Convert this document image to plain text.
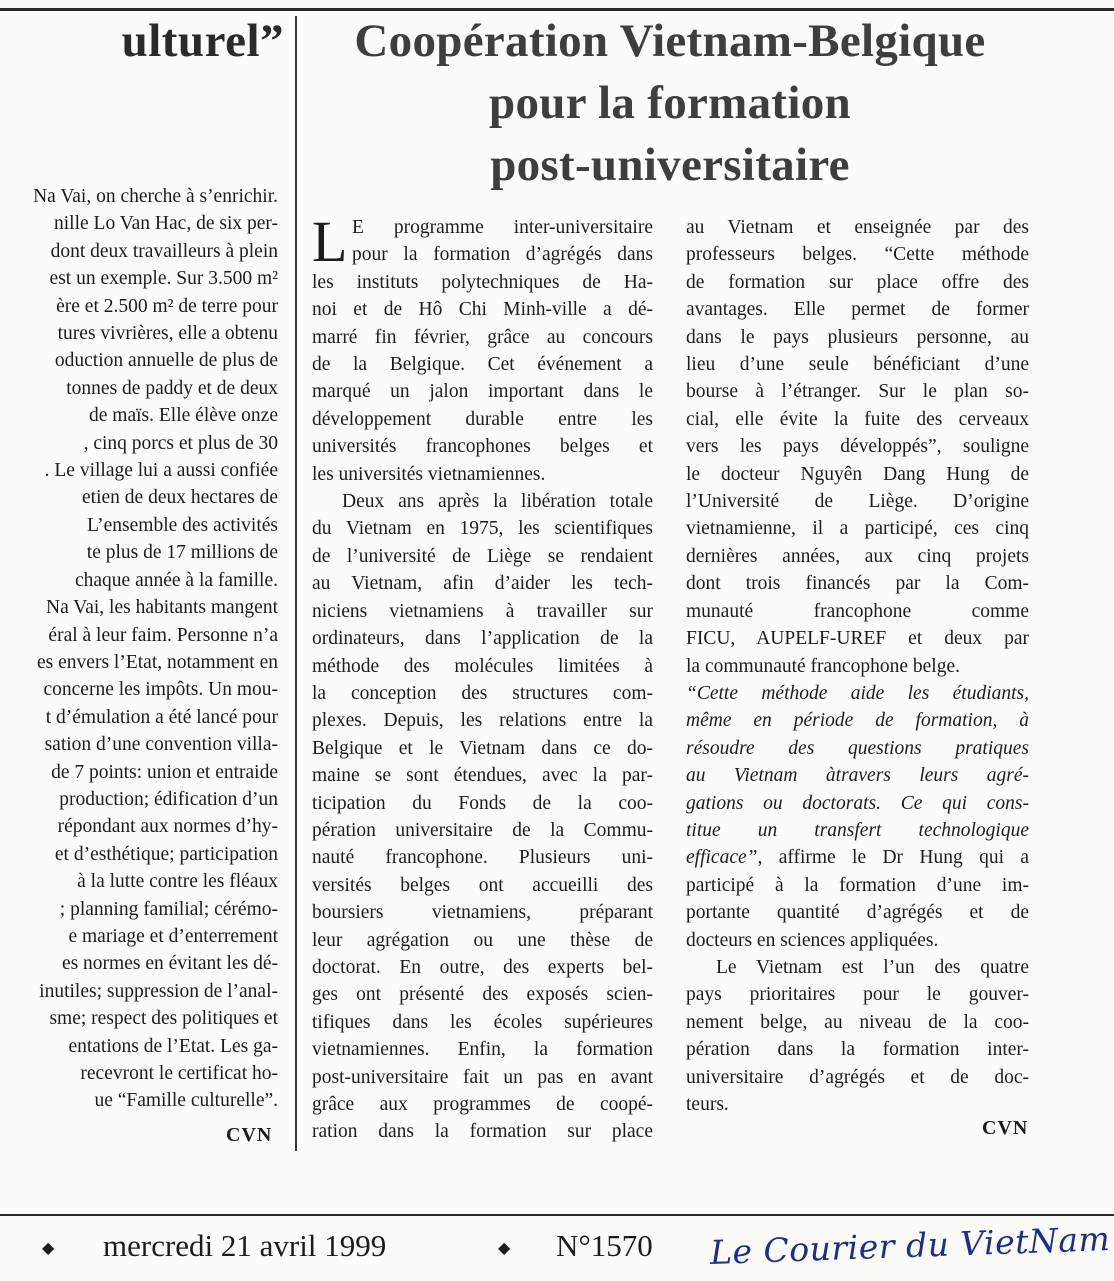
ulturel”
Na Vai, on cherche à s’enrichir.
nille Lo Van Hac, de six per-
dont deux travailleurs à plein
est un exemple. Sur 3.500 m²
ère et 2.500 m² de terre pour
tures vivrières, elle a obtenu
oduction annuelle de plus de
tonnes de paddy et de deux
de maïs. Elle élève onze
, cinq porcs et plus de 30
. Le village lui a aussi confiée
etien de deux hectares de
L’ensemble des activités
te plus de 17 millions de
chaque année à la famille.
Na Vai, les habitants mangent
éral à leur faim. Personne n’a
es envers l’Etat, notamment en
concerne les impôts. Un mou-
t d’émulation a été lancé pour
sation d’une convention villa-
de 7 points: union et entraide
production; édification d’un
répondant aux normes d’hy-
et d’esthétique; participation
à la lutte contre les fléaux
; planning familial; cérémo-
e mariage et d’enterrement
es normes en évitant les dé-
inutiles; suppression de l’anal-
sme; respect des politiques et
entations de l’Etat. Les ga-
recevront le certificat ho-
ue “Famille culturelle”.
CVN
Coopération Vietnam-Belgique
pour la formation
post-universitaire
L E programme inter-universitaire
pour la formation d’agrégés dans
les instituts polytechniques de Ha-
noi et de Hô Chi Minh-ville a dé-
marré fin février, grâce au concours
de la Belgique. Cet événement a
marqué un jalon important dans le
développement durable entre les
universités francophones belges et
les universités vietnamiennes.
Deux ans après la libération totale
du Vietnam en 1975, les scientifiques
de l’université de Liège se rendaient
au Vietnam, afin d’aider les tech-
niciens vietnamiens à travailler sur
ordinateurs, dans l’application de la
méthode des molécules limitées à
la conception des structures com-
plexes. Depuis, les relations entre la
Belgique et le Vietnam dans ce do-
maine se sont étendues, avec la par-
ticipation du Fonds de la coo-
pération universitaire de la Commu-
nauté francophone. Plusieurs uni-
versités belges ont accueilli des
boursiers vietnamiens, préparant
leur agrégation ou une thèse de
doctorat. En outre, des experts bel-
ges ont présenté des exposés scien-
tifiques dans les écoles supérieures
vietnamiennes. Enfin, la formation
post-universitaire fait un pas en avant
grâce aux programmes de coopé-
ration dans la formation sur place
au Vietnam et enseignée par des
professeurs belges. “Cette méthode
de formation sur place offre des
avantages. Elle permet de former
dans le pays plusieurs personne, au
lieu d’une seule bénéficiant d’une
bourse à l’étranger. Sur le plan so-
cial, elle évite la fuite des cerveaux
vers les pays développés”, souligne
le docteur Nguyên Dang Hung de
l’Université de Liège. D’origine
vietnamienne, il a participé, ces cinq
dernières années, aux cinq projets
dont trois financés par la Com-
munauté francophone comme
FICU, AUPELF-UREF et deux par
la communauté francophone belge.
“Cette méthode aide les étudiants,
même en période de formation, à
résoudre des questions pratiques
au Vietnam àtravers leurs agré-
gations ou doctorats. Ce qui cons-
titue un transfert technologique
efficace”, affirme le Dr Hung qui a
participé à la formation d’une im-
portante quantité d’agrégés et de
docteurs en sciences appliquées.
Le Vietnam est l’un des quatre
pays prioritaires pour le gouver-
nement belge, au niveau de la coo-
pération dans la formation inter-
universitaire d’agrégés et de doc-
teurs.
CVN
◆ mercredi 21 avril 1999	◆ N°1570 Le Courier du VietNam
